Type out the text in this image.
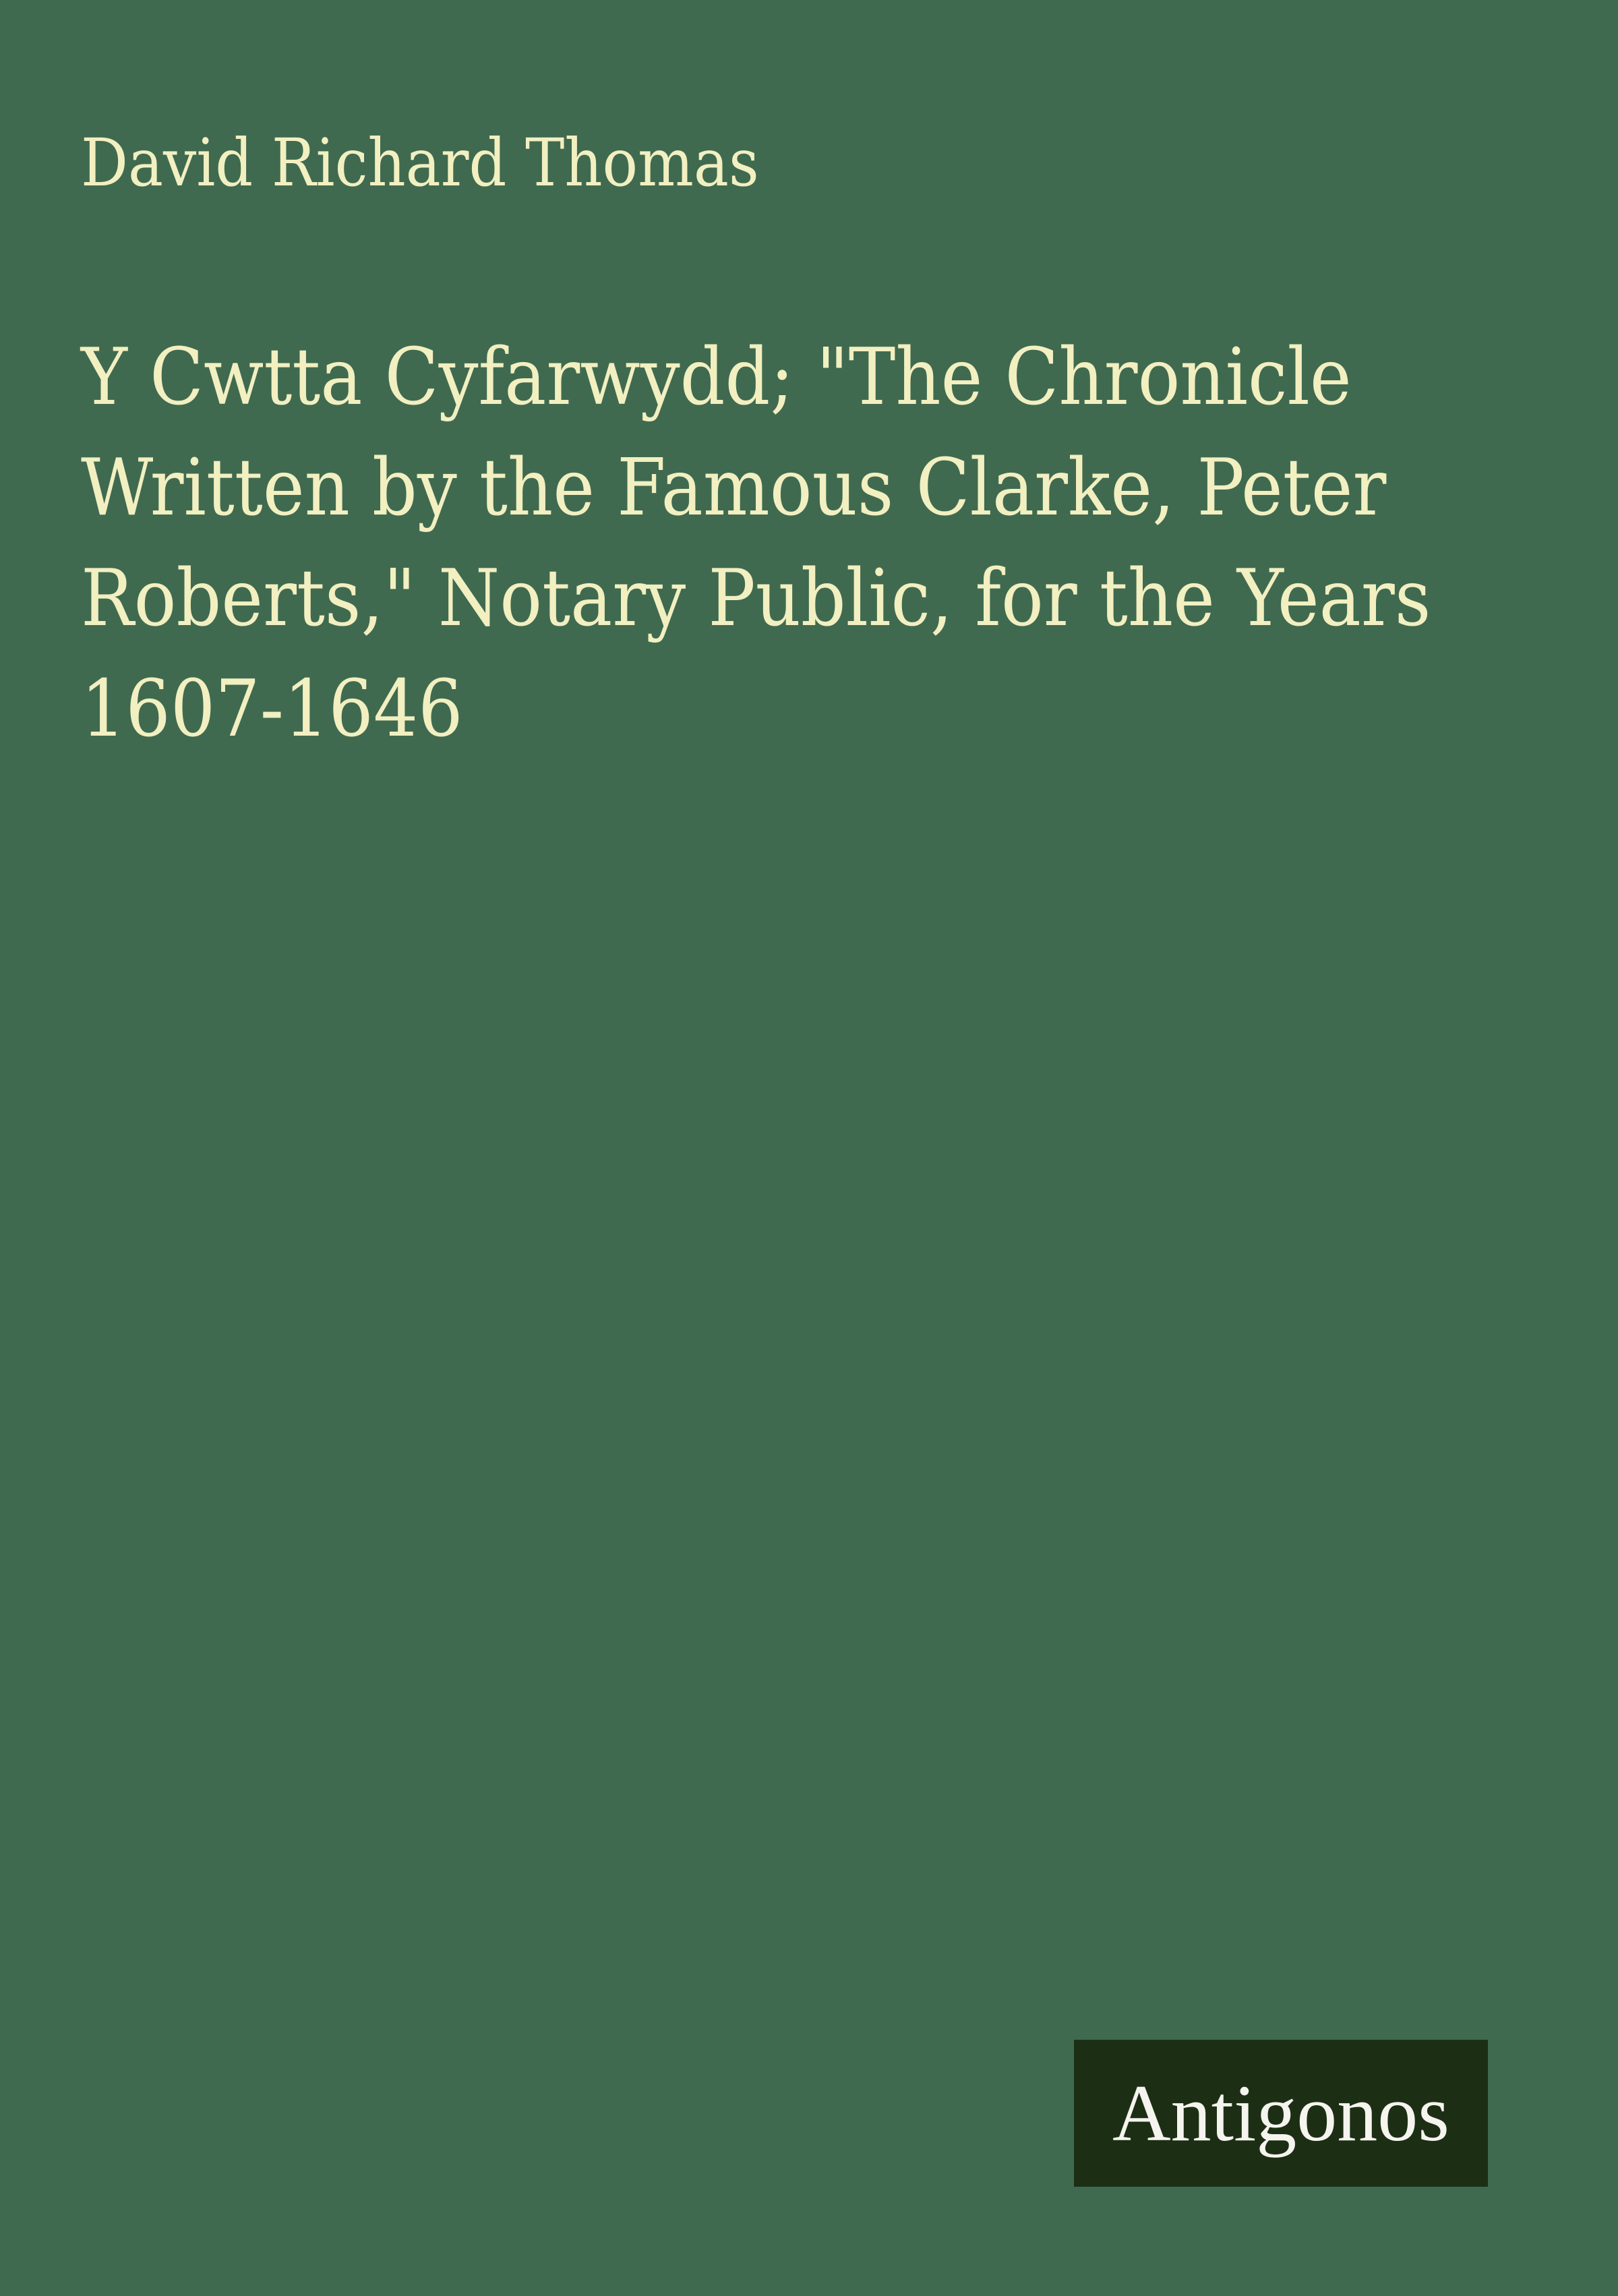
David Richard Thomas
Y Cwtta Cyfarwydd; "The Chronicle
Written by the Famous Clarke, Peter
Roberts," Notary Public, for the Years
1607-1646
Antigonos
